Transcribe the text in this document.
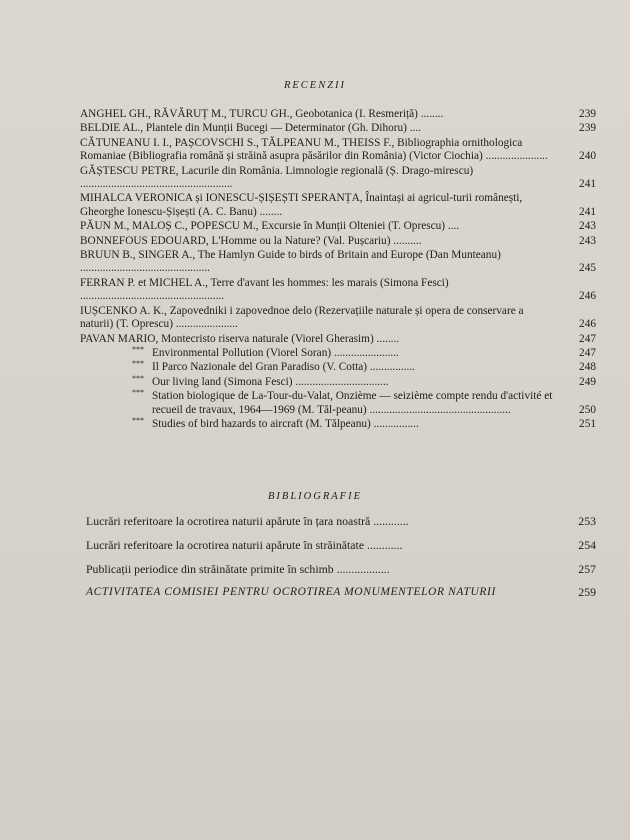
RECENZII
ANGHEL GH., RĂVĂRUȚ M., TURCU GH., Geobotanica (I. Resmeriță) ........	239
BELDIE AL., Plantele din Munții Bucegi — Determinator (Gh. Dihoru) ....	239
CĂTUNEANU I. I., PAȘCOVSCHI S., TĂLPEANU M., THEISS F., Bibliographia ornithologica Romaniae (Bibliografia română și străină asupra păsărilor din România) (Victor Ciochia) ......................	240
GĂȘTESCU PETRE, Lacurile din România. Limnologie regională (Ș. Drago-mirescu) ......................................................	241
MIHALCA VERONICA și IONESCU-ȘIȘEȘTI SPERANȚA, Înaintași ai agricul-turii românești, Gheorghe Ionescu-Șișești (A. C. Banu) ........	241
PĂUN M., MALOȘ C., POPESCU M., Excursie în Munții Olteniei (T. Oprescu) ....	243
BONNEFOUS EDOUARD, L'Homme ou la Nature? (Val. Pușcariu) ..........	243
BRUUN B., SINGER A., The Hamlyn Guide to birds of Britain and Europe (Dan Munteanu) ..............................................	245
FERRAN P. et MICHEL A., Terre d'avant les hommes: les marais (Simona Fesci) ...................................................	246
IUȘCENKO A. K., Zapovedniki i zapovednoe delo (Rezervațiile naturale și opera de conservare a naturii) (T. Oprescu) ......................	246
PAVAN MARIO, Montecristo riserva naturale (Viorel Gherasim) ........	247
*** Environmental Pollution (Viorel Soran) .......................	247
*** Il Parco Nazionale del Gran Paradiso (V. Cotta) ................	248
*** Our living land (Simona Fesci) .................................	249
*** Station biologique de La-Tour-du-Valat, Onzième — seizième compte rendu d'activité et recueil de travaux, 1964—1969 (M. Tăl-peanu) ..................................................	250
*** Studies of bird hazards to aircraft (M. Tălpeanu) ................	251
BIBLIOGRAFIE
Lucrări referitoare la ocrotirea naturii apărute în țara noastră ............	253
Lucrări referitoare la ocrotirea naturii apărute în străinătate ............	254
Publicații periodice din străinătate primite în schimb ..................	257
ACTIVITATEA COMISIEI PENTRU OCROTIREA MONUMENTELOR NATURII	259
